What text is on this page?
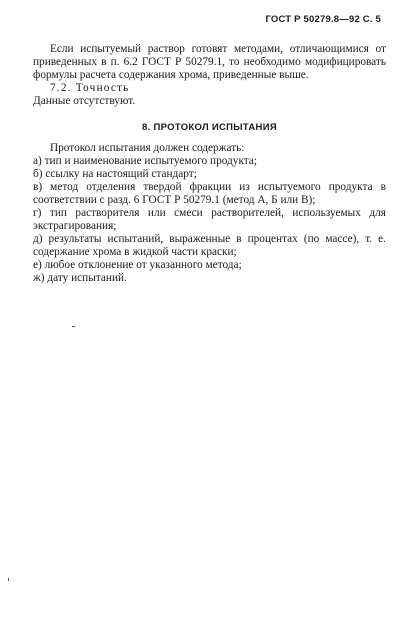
ГОСТ Р 50279.8—92 С. 5

Если испытуемый раствор готовят методами, отличающимися от приведенных в п. 6.2 ГОСТ Р 50279.1, то необходимо модифицировать формулы расчета содержания хрома, приведенные выше.

7.2. Точность

Данные отсутствуют.

8. ПРОТОКОЛ ИСПЫТАНИЯ

Протокол испытания должен содержать:

а) тип и наименование испытуемого продукта;

б) ссылку на настоящий стандарт;

в) метод отделения твердой фракции из испытуемого продукта в соответствии с разд. 6 ГОСТ Р 50279.1 (метод А, Б или В);

г) тип растворителя или смеси растворителей, используемых для экстрагирования;

д) результаты испытаний, выраженные в процентах (по массе), т. е. содержание хрома в жидкой части краски;

е) любое отклонение от указанного метода;

ж) дату испытаний.
